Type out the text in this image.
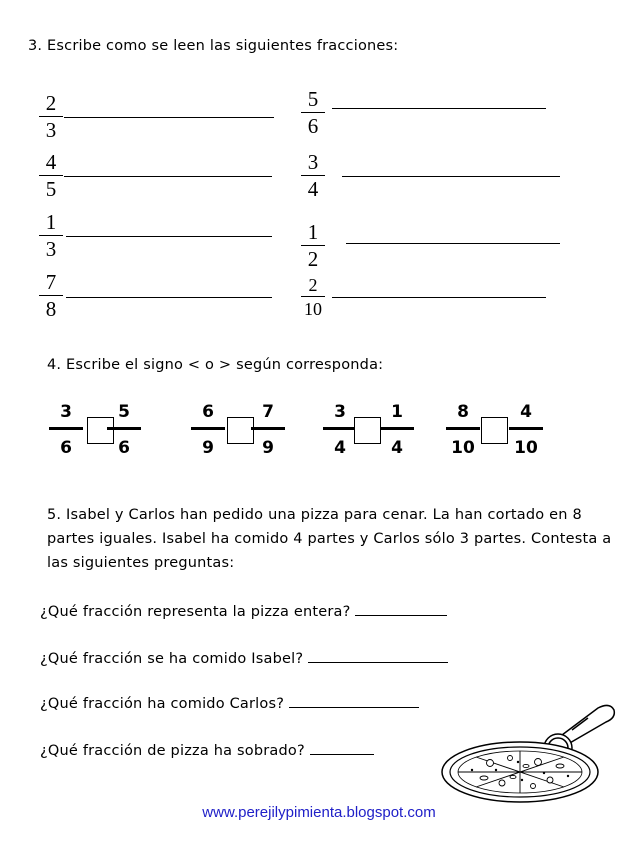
3. Escribe como se leen las siguientes fracciones:
2
3
4
5
1
3
7
8
5
6
3
4
1
2
2
10
4. Escribe el signo < o > según corresponda:
3
6
5
6
6
9
7
9
3
4
1
4
8
10
4
10
5. Isabel y Carlos han pedido una pizza para cenar. La han cortado en 8 partes iguales. Isabel ha comido 4 partes y Carlos sólo 3 partes. Contesta a las siguientes preguntas:
¿Qué fracción representa la pizza entera?
¿Qué fracción se ha comido Isabel?
¿Qué fracción ha comido Carlos?
¿Qué fracción de pizza ha sobrado?
www.perejilypimienta.blogspot.com
